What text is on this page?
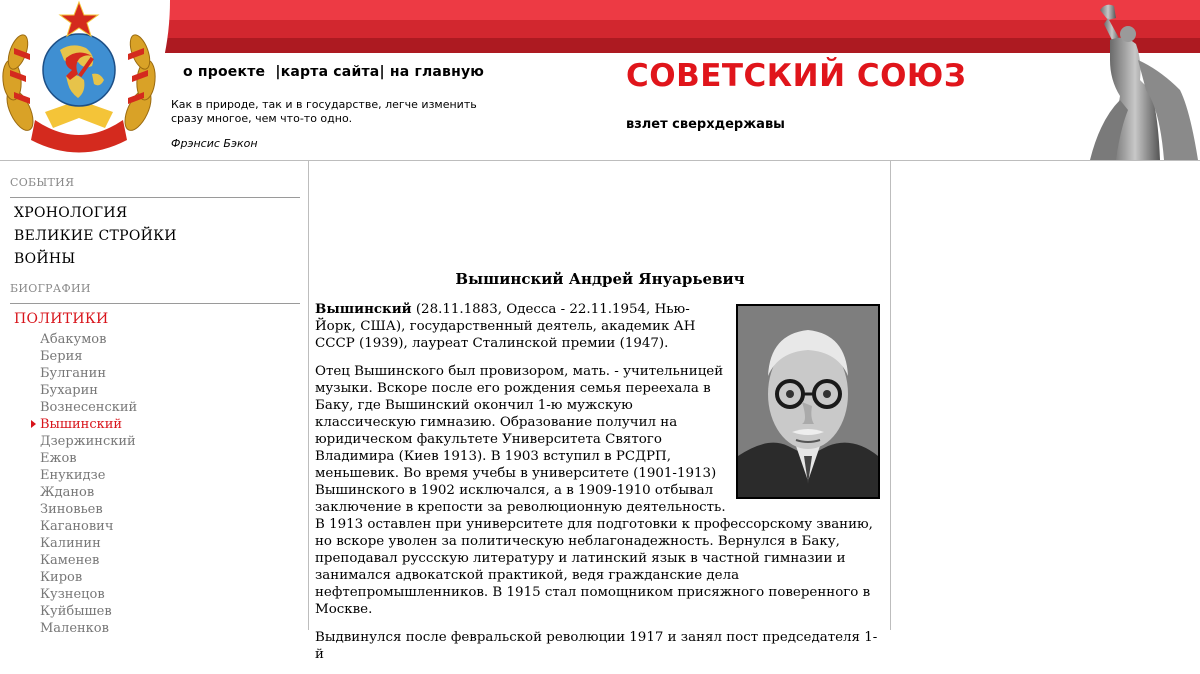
о проекте |карта сайта| на главную
Как в природе, так и в государстве, легче изменить сразу многое, чем что-то одно.
Фрэнсис Бэкон
СОВЕТСКИЙ СОЮЗ
взлет сверхдержавы
СОБЫТИЯ
ХРОНОЛОГИЯ
ВЕЛИКИЕ СТРОЙКИ
ВОЙНЫ
БИОГРАФИИ
ПОЛИТИКИ
Абакумов
Берия
Булганин
Бухарин
Вознесенский
Вышинский
Дзержинский
Ежов
Енукидзе
Жданов
Зиновьев
Каганович
Калинин
Каменев
Киров
Кузнецов
Куйбышев
Маленков
Вышинский Андрей Януарьевич

Вышинский (28.11.1883, Одесса - 22.11.1954, Нью-Йорк, США), государственный деятель, академик АН СССР (1939), лауреат Сталинской премии (1947).

Отец Вышинского был провизором, мать. - учительницей музыки. Вскоре после его рождения семья переехала в Баку, где Вышинский окончил 1-ю мужскую классическую гимназию. Образование получил на юридическом факультете Университета Святого Владимира (Киев 1913). В 1903 вступил в РСДРП, меньшевик. Во время учебы в университете (1901-1913) Вышинского в 1902 исключался, а в 1909-1910 отбывал заключение в крепости за революционную деятельность. В 1913 оставлен при университете для подготовки к профессорскому званию, но вскоре уволен за политическую неблагонадежность. Вернулся в Баку, преподавал руссcкую литературу и латинский язык в частной гимназии и занимался адвокатской практикой, ведя гражданские дела нефтепромышленников. В 1915 стал помощником присяжного поверенного в Москве.

Выдвинулся после февральской революции 1917 и занял пост председателя 1-й
